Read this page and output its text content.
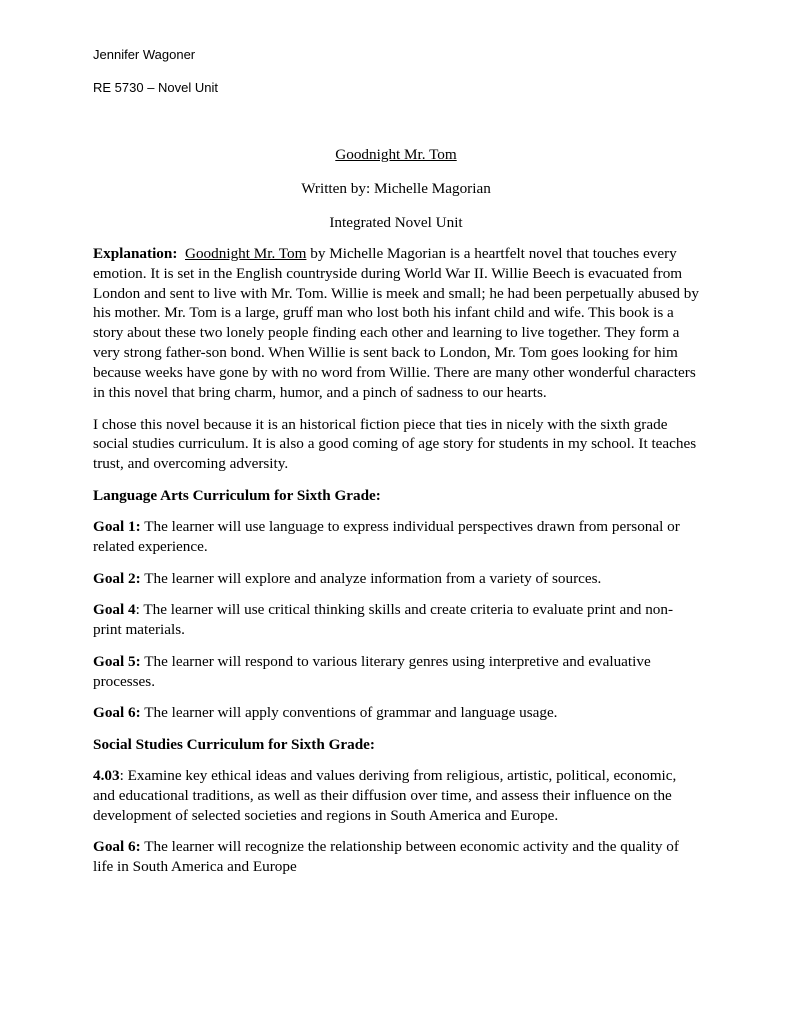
Jennifer Wagoner

RE 5730 – Novel Unit

Goodnight Mr. Tom

Written by: Michelle Magorian

Integrated Novel Unit

Explanation: Goodnight Mr. Tom by Michelle Magorian is a heartfelt novel that touches every emotion. It is set in the English countryside during World War II. Willie Beech is evacuated from London and sent to live with Mr. Tom. Willie is meek and small; he had been perpetually abused by his mother. Mr. Tom is a large, gruff man who lost both his infant child and wife. This book is a story about these two lonely people finding each other and learning to live together. They form a very strong father-son bond. When Willie is sent back to London, Mr. Tom goes looking for him because weeks have gone by with no word from Willie. There are many other wonderful characters in this novel that bring charm, humor, and a pinch of sadness to our hearts.

I chose this novel because it is an historical fiction piece that ties in nicely with the sixth grade social studies curriculum. It is also a good coming of age story for students in my school. It teaches trust, and overcoming adversity.

Language Arts Curriculum for Sixth Grade:

Goal 1: The learner will use language to express individual perspectives drawn from personal or related experience.

Goal 2: The learner will explore and analyze information from a variety of sources.

Goal 4: The learner will use critical thinking skills and create criteria to evaluate print and non-print materials.

Goal 5: The learner will respond to various literary genres using interpretive and evaluative processes.

Goal 6: The learner will apply conventions of grammar and language usage.

Social Studies Curriculum for Sixth Grade:

4.03: Examine key ethical ideas and values deriving from religious, artistic, political, economic, and educational traditions, as well as their diffusion over time, and assess their influence on the development of selected societies and regions in South America and Europe.

Goal 6: The learner will recognize the relationship between economic activity and the quality of life in South America and Europe
